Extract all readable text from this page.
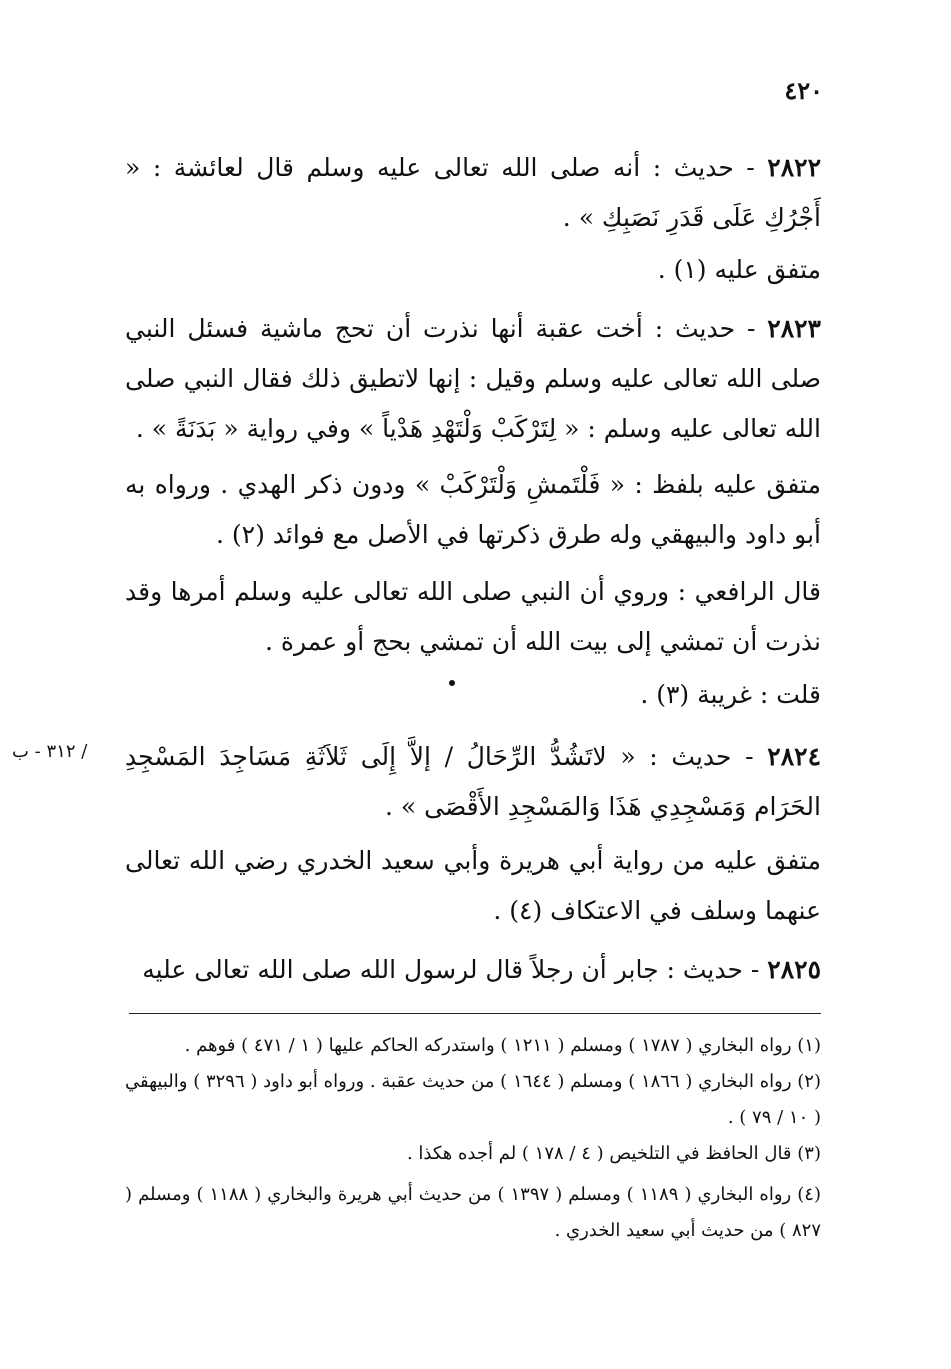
٤٢٠
٢٨٢٢ - حديث : أنه صلى الله تعالى عليه وسلم قال لعائشة : « أَجْرُكِ عَلَى قَدَرِ نَصَبِكِ » .
متفق عليه (١) .
٢٨٢٣ - حديث : أخت عقبة أنها نذرت أن تحج ماشية فسئل النبي صلى الله تعالى عليه وسلم وقيل : إنها لاتطيق ذلك فقال النبي صلى الله تعالى عليه وسلم : « لِتَرْكَبْ وَلْتَهْدِ هَدْياً » وفي رواية « بَدَنَةً » .
متفق عليه بلفظ : « فَلْتَمشِ وَلْتَرْكَبْ » ودون ذكر الهدي . ورواه به أبو داود والبيهقي وله طرق ذكرتها في الأصل مع فوائد (٢) .
قال الرافعي : وروي أن النبي صلى الله تعالى عليه وسلم أمرها وقد نذرت أن تمشي إلى بيت الله أن تمشي بحج أو عمرة .
قلت : غريبة (٣) .
٢٨٢٤ - حديث : « لاتَشُدُّ الرِّحَالُ / إلاَّ إِلَى ثَلاَثَةِ مَسَاجِدَ المَسْجِدِ الحَرَام وَمَسْجِدِي هَذَا وَالمَسْجِدِ الأَقْصَى » .
/ ٣١٢ - ب
متفق عليه من رواية أبي هريرة وأبي سعيد الخدري رضي الله تعالى عنهما وسلف في الاعتكاف (٤) .
٢٨٢٥ - حديث : جابر أن رجلاً قال لرسول الله صلى الله تعالى عليه
(١) رواه البخاري ( ١٧٨٧ ) ومسلم ( ١٢١١ ) واستدركه الحاكم عليها ( ١ / ٤٧١ ) فوهم .
(٢) رواه البخاري ( ١٨٦٦ ) ومسلم ( ١٦٤٤ ) من حديث عقبة . ورواه أبو داود ( ٣٢٩٦ ) والبيهقي ( ١٠ / ٧٩ ) .
(٣) قال الحافظ في التلخيص ( ٤ / ١٧٨ ) لم أجده هكذا .
(٤) رواه البخاري ( ١١٨٩ ) ومسلم ( ١٣٩٧ ) من حديث أبي هريرة والبخاري ( ١١٨٨ ) ومسلم ( ٨٢٧ ) من حديث أبي سعيد الخدري .
